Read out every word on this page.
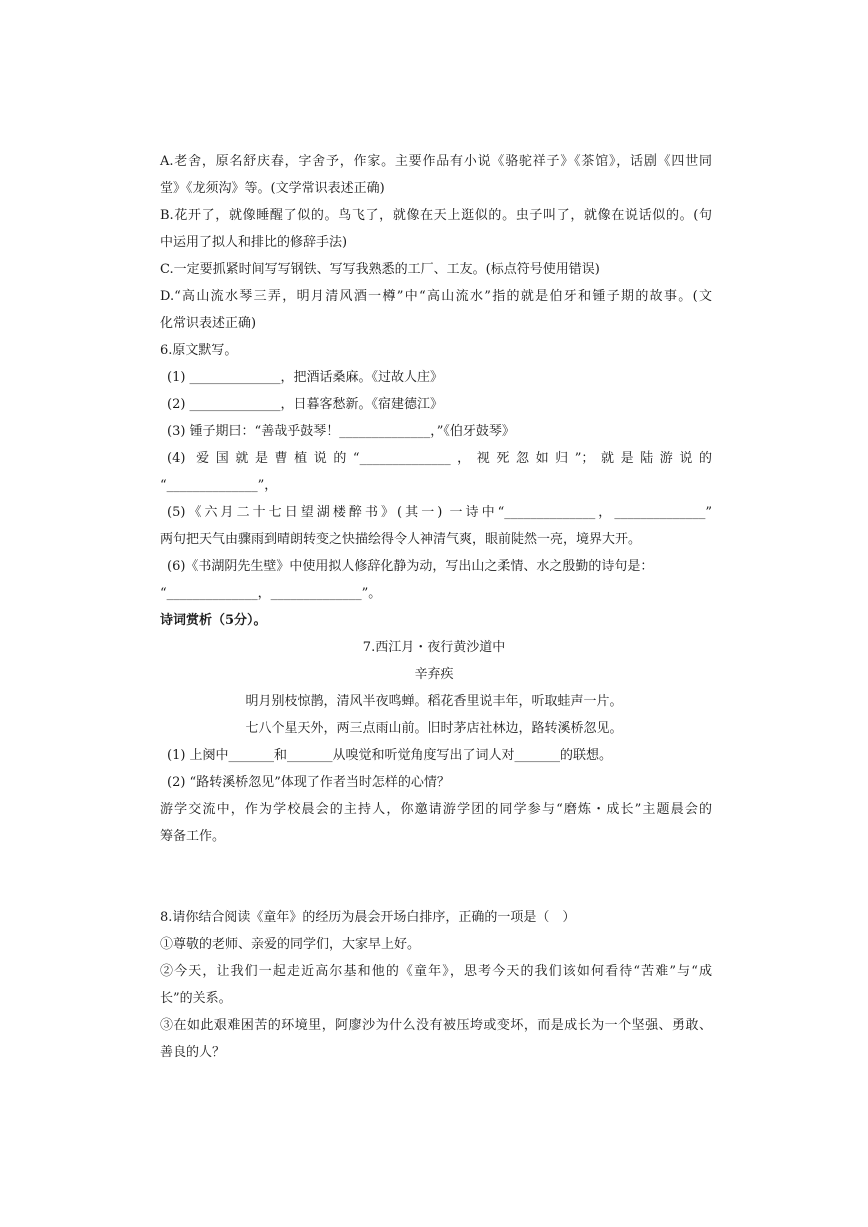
A.老舍，原名舒庆春，字舍予，作家。主要作品有小说《骆驼祥子》《茶馆》，话剧《四世同
堂》《龙须沟》等。(文学常识表述正确)
B.花开了，就像睡醒了似的。鸟飞了，就像在天上逛似的。虫子叫了，就像在说话似的。(句
中运用了拟人和排比的修辞手法)
C.一定要抓紧时间写写钢铁、写写我熟悉的工厂、工友。(标点符号使用错误)
D.“高山流水琴三弄，明月清风酒一樽”中“高山流水”指的就是伯牙和锺子期的故事。(文
化常识表述正确)
6.原文默写。
(1) ______________，把酒话桑麻。《过故人庄》
(2) ______________，日暮客愁新。《宿建德江》
(3) 锺子期曰：“善哉乎鼓琴！______________，”《伯牙鼓琴》
(4) 爱国就是曹植说的“______________，视死忽如归”；就是陆游说的
“______________”，
(5)《六月二十七日望湖楼醉书》(其一) 一诗中“______________，______________”
两句把天气由骤雨到晴朗转变之快描绘得令人神清气爽，眼前陡然一亮，境界大开。
(6)《书湖阴先生壁》中使用拟人修辞化静为动，写出山之柔情、水之殷勤的诗句是：
“______________，______________”。
诗词赏析（5分）。
7.西江月・夜行黄沙道中
辛弃疾
明月别枝惊鹊，清风半夜鸣蝉。稻花香里说丰年，听取蛙声一片。
七八个星天外，两三点雨山前。旧时茅店社林边，路转溪桥忽见。
(1) 上阕中_______和_______从嗅觉和听觉角度写出了词人对_______的联想。
(2) “路转溪桥忽见”体现了作者当时怎样的心情？
游学交流中，作为学校晨会的主持人，你邀请游学团的同学参与“磨炼・成长”主题晨会的
筹备工作。
8.请你结合阅读《童年》的经历为晨会开场白排序，正确的一项是（　）
①尊敬的老师、亲爱的同学们，大家早上好。
②今天，让我们一起走近高尔基和他的《童年》，思考今天的我们该如何看待“苦难”与“成
长”的关系。
③在如此艰难困苦的环境里，阿廖沙为什么没有被压垮或变坏，而是成长为一个坚强、勇敢、
善良的人？
